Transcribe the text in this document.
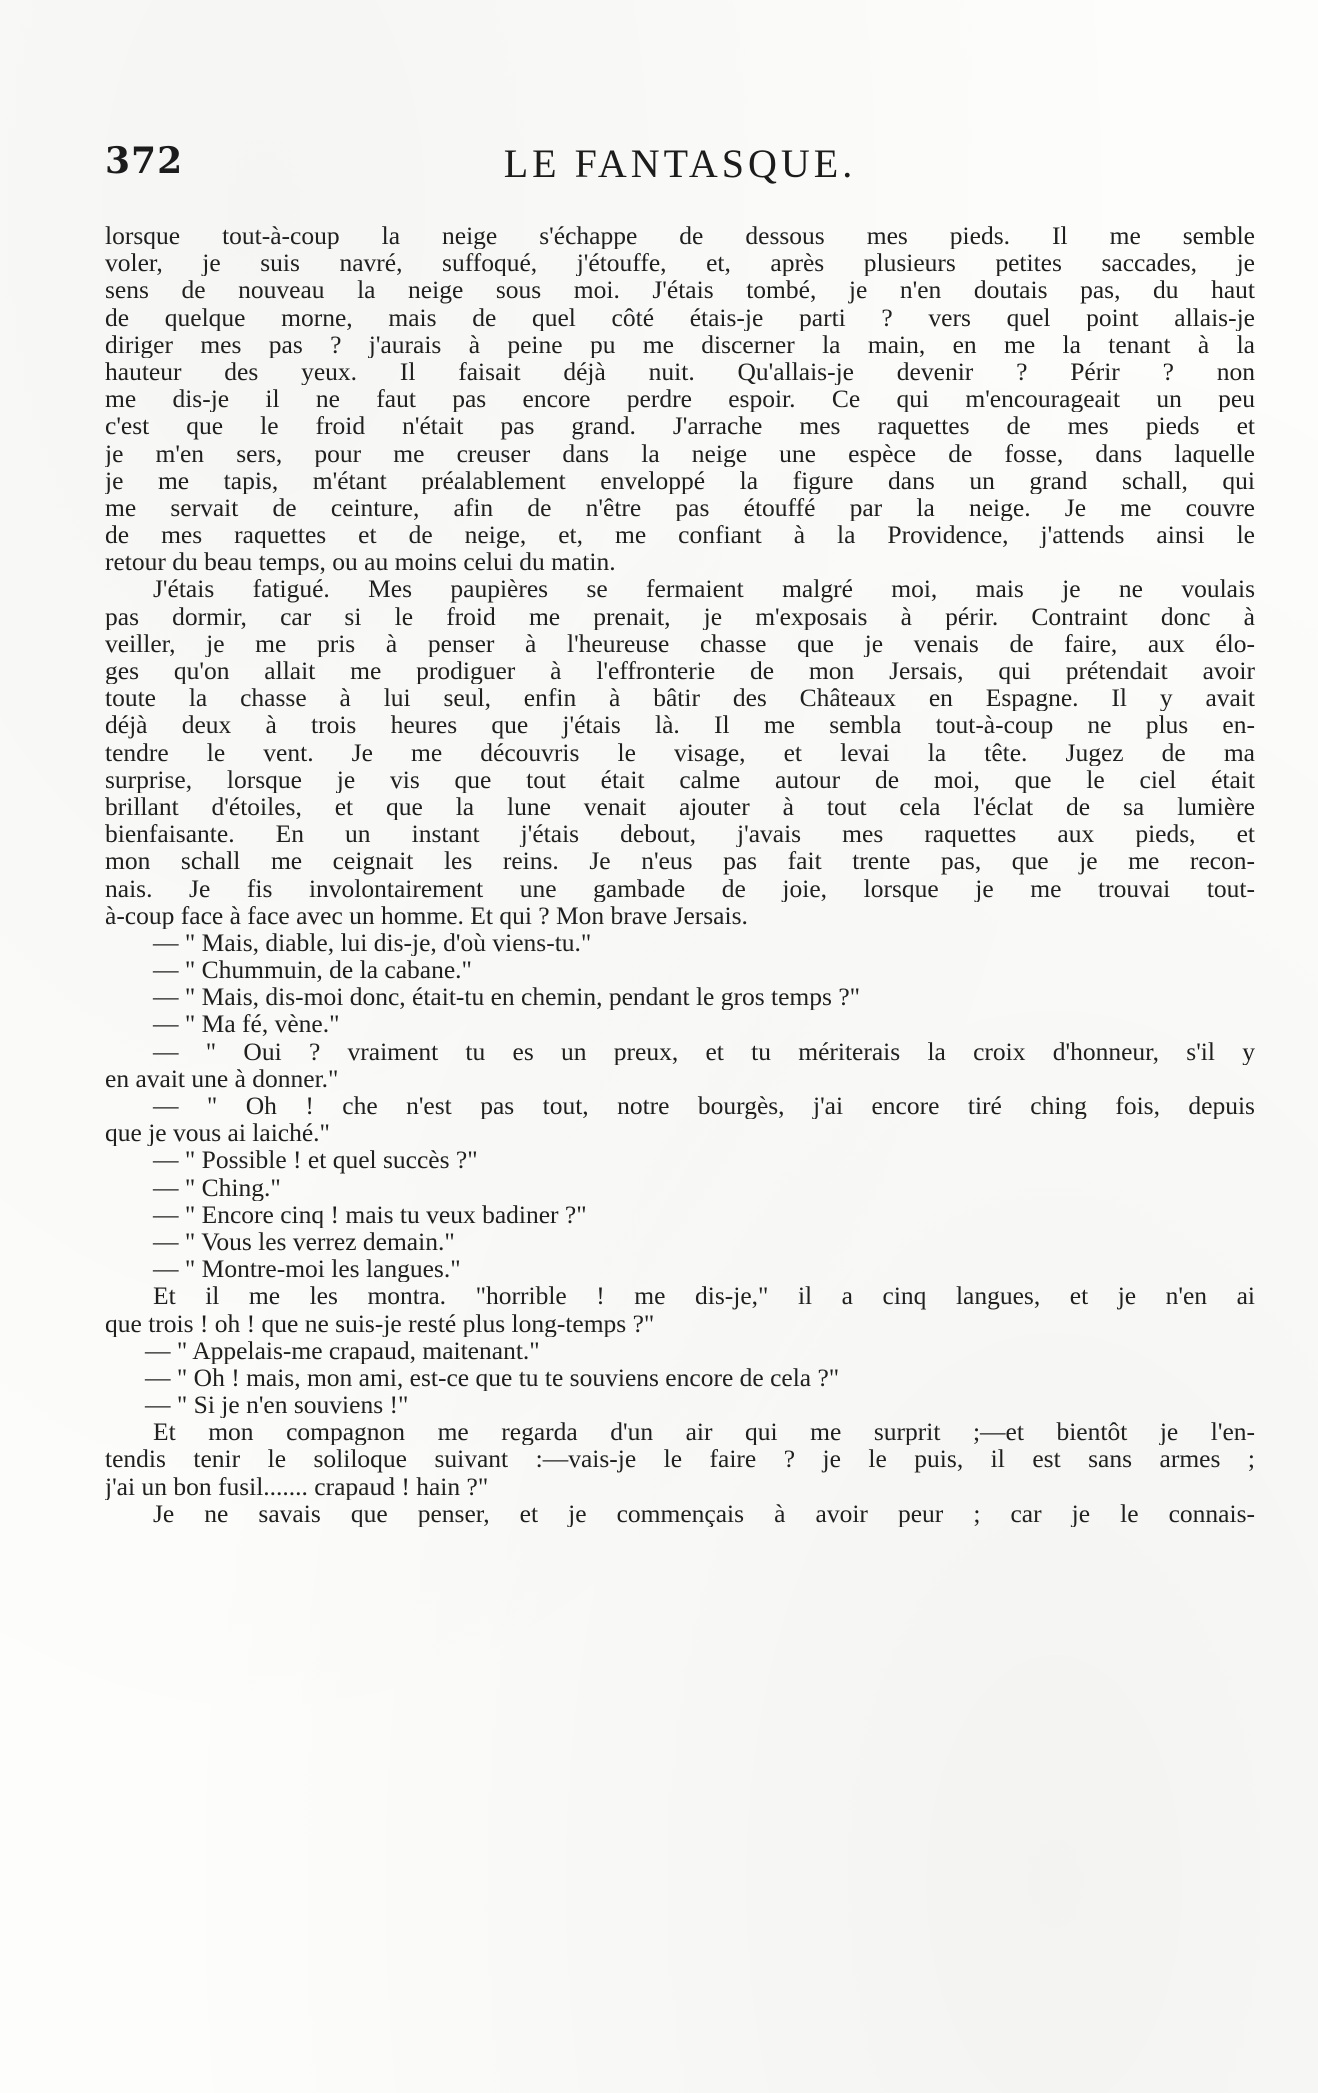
372	LE FANTASQUE.
lorsque tout-à-coup la neige s'échappe de dessous mes pieds. Il me semble
voler, je suis navré, suffoqué, j'étouffe, et, après plusieurs petites saccades, je
sens de nouveau la neige sous moi. J'étais tombé, je n'en doutais pas, du haut
de quelque morne, mais de quel côté étais-je parti ? vers quel point allais-je
diriger mes pas ? j'aurais à peine pu me discerner la main, en me la tenant à la
hauteur des yeux. Il faisait déjà nuit. Qu'allais-je devenir ? Périr ? non
me dis-je il ne faut pas encore perdre espoir. Ce qui m'encourageait un peu
c'est que le froid n'était pas grand. J'arrache mes raquettes de mes pieds et
je m'en sers, pour me creuser dans la neige une espèce de fosse, dans laquelle
je me tapis, m'étant préalablement enveloppé la figure dans un grand schall, qui
me servait de ceinture, afin de n'être pas étouffé par la neige. Je me couvre
de mes raquettes et de neige, et, me confiant à la Providence, j'attends ainsi le
retour du beau temps, ou au moins celui du matin.
J'étais fatigué. Mes paupières se fermaient malgré moi, mais je ne voulais
pas dormir, car si le froid me prenait, je m'exposais à périr. Contraint donc à
veiller, je me pris à penser à l'heureuse chasse que je venais de faire, aux élo-
ges qu'on allait me prodiguer à l'effronterie de mon Jersais, qui prétendait avoir
toute la chasse à lui seul, enfin à bâtir des Châteaux en Espagne. Il y avait
déjà deux à trois heures que j'étais là. Il me sembla tout-à-coup ne plus en-
tendre le vent. Je me découvris le visage, et levai la tête. Jugez de ma
surprise, lorsque je vis que tout était calme autour de moi, que le ciel était
brillant d'étoiles, et que la lune venait ajouter à tout cela l'éclat de sa lumière
bienfaisante. En un instant j'étais debout, j'avais mes raquettes aux pieds, et
mon schall me ceignait les reins. Je n'eus pas fait trente pas, que je me recon-
nais. Je fis involontairement une gambade de joie, lorsque je me trouvai tout-
à-coup face à face avec un homme. Et qui ? Mon brave Jersais.
— " Mais, diable, lui dis-je, d'où viens-tu."
— " Chummuin, de la cabane."
— " Mais, dis-moi donc, était-tu en chemin, pendant le gros temps ?"
— " Ma fé, vène."
— " Oui ? vraiment tu es un preux, et tu mériterais la croix d'honneur, s'il y
en avait une à donner."
— " Oh ! che n'est pas tout, notre bourgès, j'ai encore tiré ching fois, depuis
que je vous ai laiché."
— " Possible ! et quel succès ?"
— " Ching."
— " Encore cinq ! mais tu veux badiner ?"
— " Vous les verrez demain."
— " Montre-moi les langues."
Et il me les montra. "horrible ! me dis-je," il a cinq langues, et je n'en ai
que trois ! oh ! que ne suis-je resté plus long-temps ?"
— " Appelais-me crapaud, maitenant."
— " Oh ! mais, mon ami, est-ce que tu te souviens encore de cela ?"
— " Si je n'en souviens !"
Et mon compagnon me regarda d'un air qui me surprit ;—et bientôt je l'en-
tendis tenir le soliloque suivant :—vais-je le faire ? je le puis, il est sans armes ;
j'ai un bon fusil....... crapaud ! hain ?"
Je ne savais que penser, et je commençais à avoir peur ; car je le connais-
